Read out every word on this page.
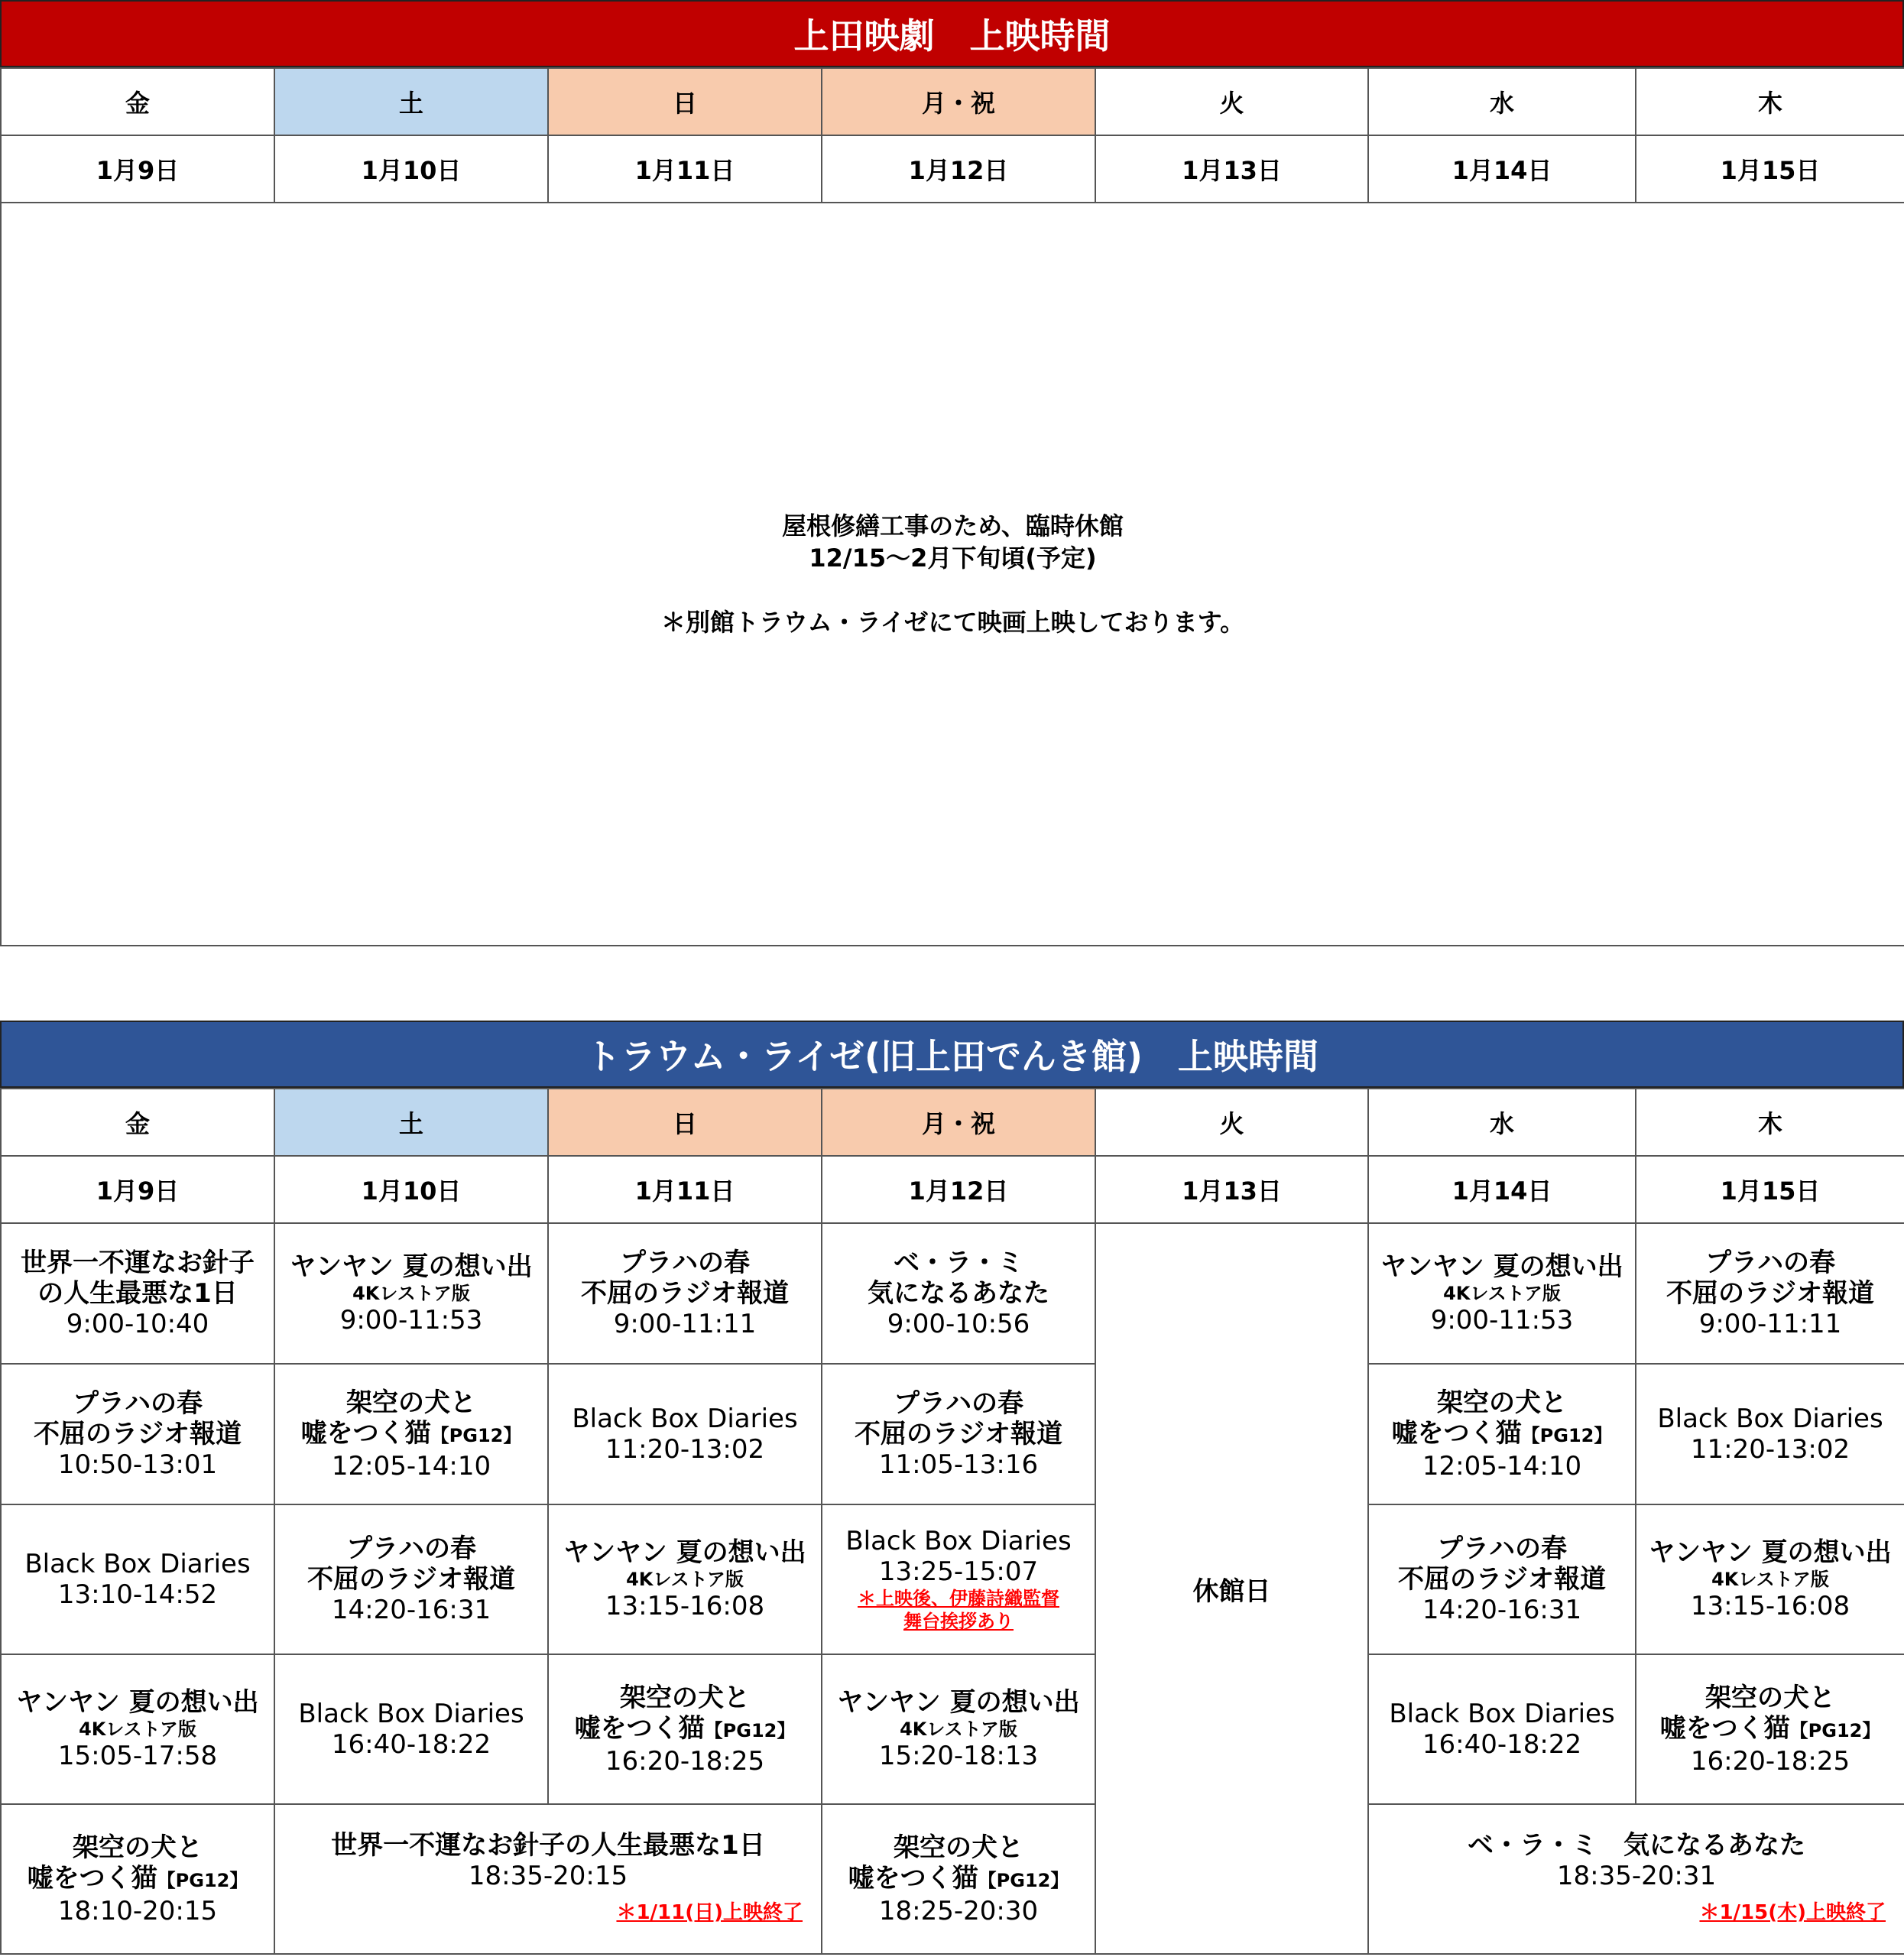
上田映劇　上映時間
金	土	日	月・祝	火	水	木
1月9日	1月10日	1月11日	1月12日	1月13日	1月14日	1月15日

屋根修繕工事のため、臨時休館
12/15～2月下旬頃(予定)

＊別館トラウム・ライゼにて映画上映しております。						
トラウム・ライゼ(旧上田でんき館)　上映時間
金	土	日	月・祝	火	水	木
1月9日	1月10日	1月11日	1月12日	1月13日	1月14日	1月15日

世界一不運なお針子
の人生最悪な1日
9:00-10:40	ヤンヤン 夏の想い出
4Kレストア版
9:00-11:53	プラハの春
不屈のラジオ報道
9:00-11:11	ベ・ラ・ミ
気になるあなた
9:00-10:56	休館日	ヤンヤン 夏の想い出
4Kレストア版
9:00-11:53	プラハの春
不屈のラジオ報道
9:00-11:11

プラハの春
不屈のラジオ報道
10:50-13:01	架空の犬と
嘘をつく猫【PG12】
12:05-14:10	Black Box Diaries
11:20-13:02	プラハの春
不屈のラジオ報道
11:05-13:16		架空の犬と
嘘をつく猫【PG12】
12:05-14:10	Black Box Diaries
11:20-13:02

Black Box Diaries
13:10-14:52	プラハの春
不屈のラジオ報道
14:20-16:31	ヤンヤン 夏の想い出
4Kレストア版
13:15-16:08	Black Box Diaries
13:25-15:07
＊上映後、伊藤詩織監督
舞台挨拶あり		プラハの春
不屈のラジオ報道
14:20-16:31	ヤンヤン 夏の想い出
4Kレストア版
13:15-16:08

ヤンヤン 夏の想い出
4Kレストア版
15:05-17:58	Black Box Diaries
16:40-18:22	架空の犬と
嘘をつく猫【PG12】
16:20-18:25	ヤンヤン 夏の想い出
4Kレストア版
15:20-18:13		Black Box Diaries
16:40-18:22	架空の犬と
嘘をつく猫【PG12】
16:20-18:25

架空の犬と
嘘をつく猫【PG12】
18:10-20:15	世界一不運なお針子の人生最悪な1日
18:35-20:15
＊1/11(日)上映終了		架空の犬と
嘘をつく猫【PG12】
18:25-20:30		ベ・ラ・ミ　気になるあなた
18:35-20:31
＊1/15(木)上映終了	
